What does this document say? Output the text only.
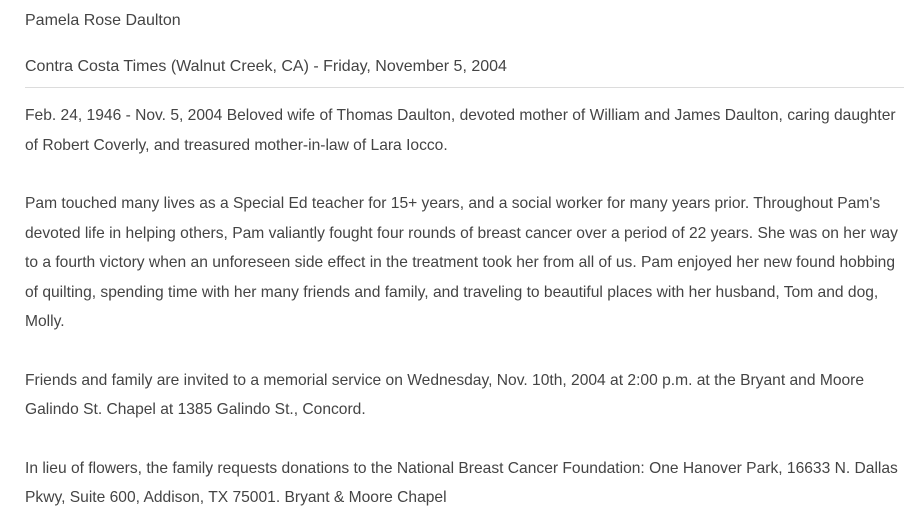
Pamela Rose Daulton

Contra Costa Times (Walnut Creek, CA) - Friday, November 5, 2004

Feb. 24, 1946 - Nov. 5, 2004 Beloved wife of Thomas Daulton, devoted mother of William and James Daulton, caring daughter of Robert Coverly, and treasured mother-in-law of Lara Iocco.

Pam touched many lives as a Special Ed teacher for 15+ years, and a social worker for many years prior. Throughout Pam's devoted life in helping others, Pam valiantly fought four rounds of breast cancer over a period of 22 years. She was on her way to a fourth victory when an unforeseen side effect in the treatment took her from all of us. Pam enjoyed her new found hobbing of quilting, spending time with her many friends and family, and traveling to beautiful places with her husband, Tom and dog, Molly.

Friends and family are invited to a memorial service on Wednesday, Nov. 10th, 2004 at 2:00 p.m. at the Bryant and Moore Galindo St. Chapel at 1385 Galindo St., Concord.

In lieu of flowers, the family requests donations to the National Breast Cancer Foundation: One Hanover Park, 16633 N. Dallas Pkwy, Suite 600, Addison, TX 75001. Bryant & Moore Chapel
